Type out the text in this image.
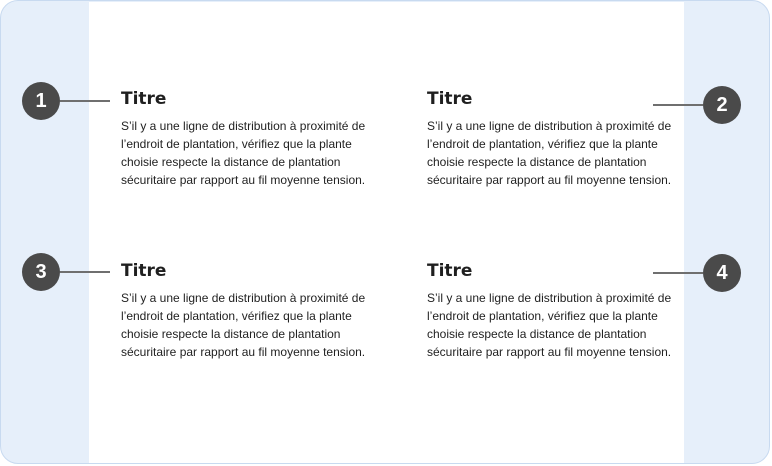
1	Titre
S’il y a une ligne de distribution à proximité de l’endroit de plantation, vérifiez que la plante choisie respecte la distance de plantation sécuritaire par rapport au fil moyenne tension.
2
Titre
S’il y a une ligne de distribution à proximité de l’endroit de plantation, vérifiez que la plante choisie respecte la distance de plantation sécuritaire par rapport au fil moyenne tension.
3	Titre
S’il y a une ligne de distribution à proximité de l’endroit de plantation, vérifiez que la plante choisie respecte la distance de plantation sécuritaire par rapport au fil moyenne tension.
4
Titre
S’il y a une ligne de distribution à proximité de l’endroit de plantation, vérifiez que la plante choisie respecte la distance de plantation sécuritaire par rapport au fil moyenne tension.
